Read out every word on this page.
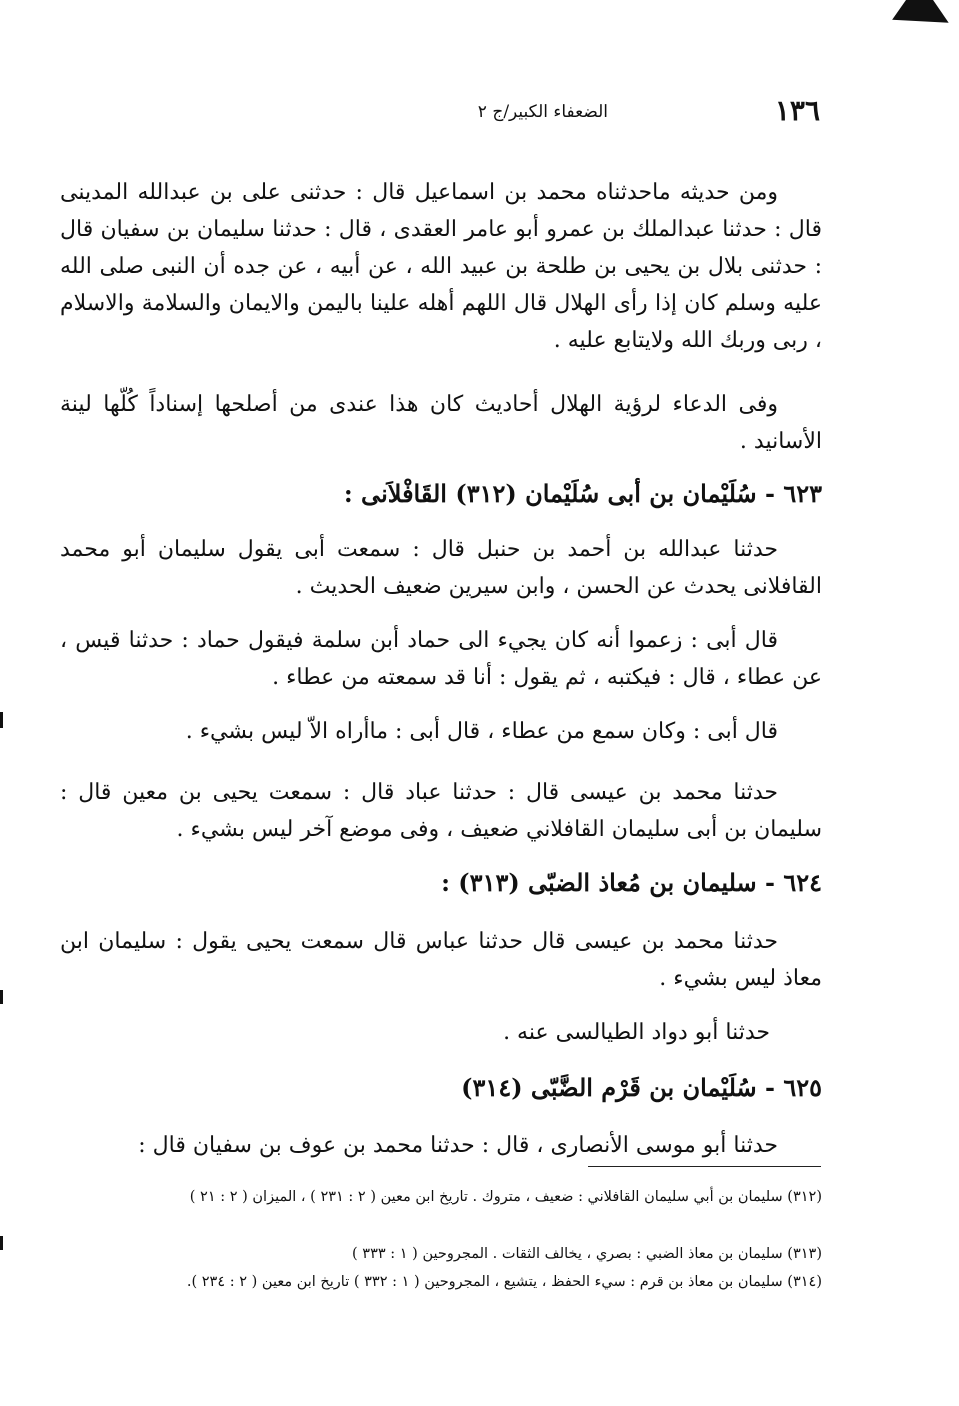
١٣٦
الضعفاء الكبير/ج ٢
ومن حديثه ماحدثناه محمد بن اسماعيل قال : حدثنى على بن عبدالله المدينى قال : حدثنا عبدالملك بن عمرو أبو عامر العقدى ، قال : حدثنا سليمان بن سفيان قال : حدثنى بلال بن يحيى بن طلحة بن عبيد الله ، عن أبيه ، عن جده أن النبى صلى الله عليه وسلم كان إذا رأى الهلال قال اللهم أهله علينا باليمن والايمان والسلامة والاسلام ، ربى وربك الله ولايتابع عليه .
وفى الدعاء لرؤية الهلال أحاديث كان هذا عندى من أصلحها إسناداً كُلّها لينة الأسانيد .
٦٢٣ - سُلَيْمان بن أبى سُلَيْمان (٣١٢) القَافْلاَنى :
حدثنا عبدالله بن أحمد بن حنبل قال : سمعت أبى يقول سليمان أبو محمد القافلانى يحدث عن الحسن ، وابن سيرين ضعيف الحديث .
قال أبى : زعموا أنه كان يجيء الى حماد أبن سلمة فيقول حماد : حدثنا قيس ، عن عطاء ، قال : فيكتبه ، ثم يقول : أنا قد سمعته من عطاء .
قال أبى : وكان سمع من عطاء ، قال أبى : ماأراه الاّ ليس بشيء .
حدثنا محمد بن عيسى قال : حدثنا عباد قال : سمعت يحيى بن معين قال : سليمان بن أبى سليمان القافلاني ضعيف ، وفى موضع آخر ليس بشيء .
٦٢٤ - سليمان بن مُعاذ الضبّى (٣١٣) :
حدثنا محمد بن عيسى قال حدثنا عباس قال سمعت يحيى يقول : سليمان ابن معاذ ليس بشيء .
حدثنا أبو دواد الطيالسى عنه .
٦٢٥ - سُلَيْمان بن قَرْم الضَّبّى (٣١٤)
حدثنا أبو موسى الأنصارى ، قال : حدثنا محمد بن عوف بن سفيان قال :
(٣١٢) سليمان بن أبي سليمان القافلاني : ضعيف ، متروك . تاريخ ابن معين ( ٢ : ٢٣١ ) ، الميزان ( ٢ : ٢١ )
(٣١٣) سليمان بن معاذ الضبي : بصري ، يخالف الثقات . المجروحين ( ١ : ٣٣٣ )
(٣١٤) سليمان بن معاذ بن قرم : سيء الحفظ ، يتشيع ، المجروحين ( ١ : ٣٣٢ ) تاريخ ابن معين ( ٢ : ٢٣٤ ).
